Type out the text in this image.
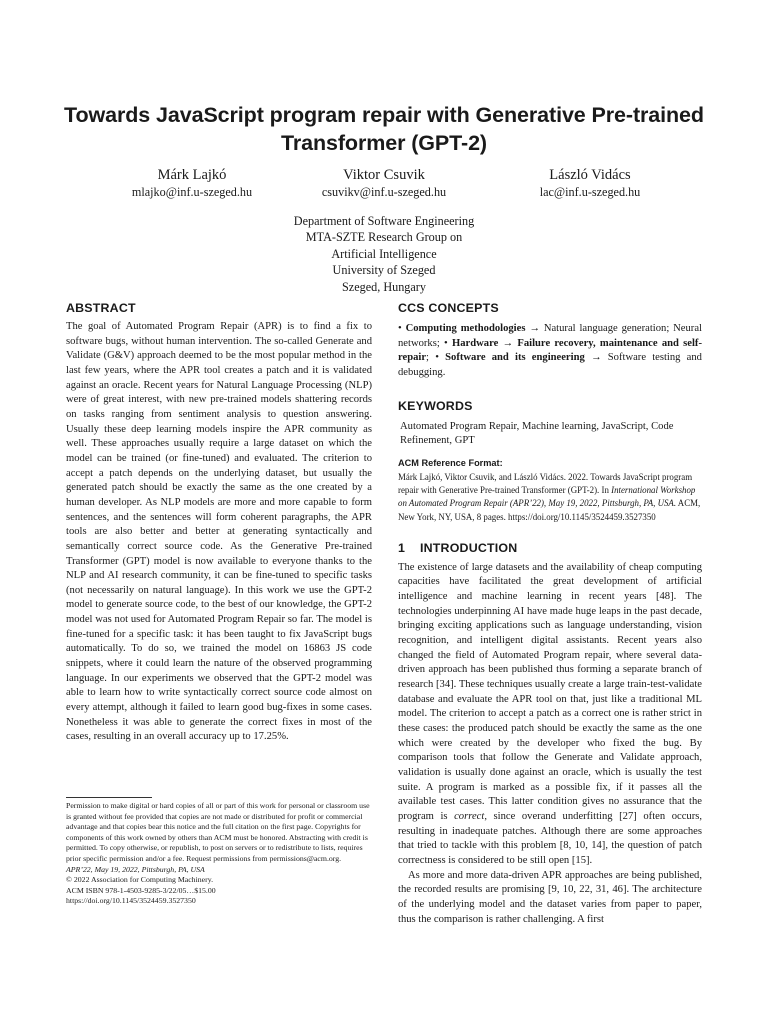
Towards JavaScript program repair with Generative Pre-trained Transformer (GPT-2)
Márk Lajkó
mlajko@inf.u-szeged.hu
Viktor Csuvik
csuvikv@inf.u-szeged.hu
László Vidács
lac@inf.u-szeged.hu
Department of Software Engineering
MTA-SZTE Research Group on
Artificial Intelligence
University of Szeged
Szeged, Hungary
ABSTRACT

The goal of Automated Program Repair (APR) is to find a fix to software bugs, without human intervention. The so-called Generate and Validate (G&V) approach deemed to be the most popular method in the last few years, where the APR tool creates a patch and it is validated against an oracle. Recent years for Natural Language Processing (NLP) were of great interest, with new pre-trained models shattering records on tasks ranging from sentiment analysis to question answering. Usually these deep learning models inspire the APR community as well. These approaches usually require a large dataset on which the model can be trained (or fine-tuned) and evaluated. The criterion to accept a patch depends on the underlying dataset, but usually the generated patch should be exactly the same as the one created by a human developer. As NLP models are more and more capable to form sentences, and the sentences will form coherent paragraphs, the APR tools are also better and better at generating syntactically and semantically correct source code. As the Generative Pre-trained Transformer (GPT) model is now available to everyone thanks to the NLP and AI research community, it can be fine-tuned to specific tasks (not necessarily on natural language). In this work we use the GPT-2 model to generate source code, to the best of our knowledge, the GPT-2 model was not used for Automated Program Repair so far. The model is fine-tuned for a specific task: it has been taught to fix JavaScript bugs automatically. To do so, we trained the model on 16863 JS code snippets, where it could learn the nature of the observed programming language. In our experiments we observed that the GPT-2 model was able to learn how to write syntactically correct source code almost on every attempt, although it failed to learn good bug-fixes in some cases. Nonetheless it was able to generate the correct fixes in most of the cases, resulting in an overall accuracy up to 17.25%.

Permission to make digital or hard copies of all or part of this work for personal or classroom use is granted without fee provided that copies are not made or distributed for profit or commercial advantage and that copies bear this notice and the full citation on the first page. Copyrights for components of this work owned by others than ACM must be honored. Abstracting with credit is permitted. To copy otherwise, or republish, to post on servers or to redistribute to lists, requires prior specific permission and/or a fee. Request permissions from permissions@acm.org.

APR’22, May 19, 2022, Pittsburgh, PA, USA

© 2022 Association for Computing Machinery.

ACM ISBN 978-1-4503-9285-3/22/05…$15.00

https://doi.org/10.1145/3524459.3527350

CCS CONCEPTS

• Computing methodologies → Natural language generation; Neural networks; • Hardware → Failure recovery, maintenance and self-repair; • Software and its engineering → Software testing and debugging.

KEYWORDS

Automated Program Repair, Machine learning, JavaScript, Code Refinement, GPT

ACM Reference Format:

Márk Lajkó, Viktor Csuvik, and László Vidács. 2022. Towards JavaScript program repair with Generative Pre-trained Transformer (GPT-2). In International Workshop on Automated Program Repair (APR’22), May 19, 2022, Pittsburgh, PA, USA. ACM, New York, NY, USA, 8 pages. https://doi.org/10.1145/3524459.3527350

1 INTRODUCTION

The existence of large datasets and the availability of cheap computing capacities have facilitated the great development of artificial intelligence and machine learning in recent years [48]. The technologies underpinning AI have made huge leaps in the past decade, bringing exciting applications such as language understanding, vision recognition, and intelligent digital assistants. Recent years also changed the field of Automated Program repair, where several data-driven approach has been published thus forming a separate branch of research [34]. These techniques usually create a large train-test-validate database and evaluate the APR tool on that, just like a traditional ML model. The criterion to accept a patch as a correct one is rather strict in these cases: the produced patch should be exactly the same as the one which were created by the developer who fixed the bug. By comparison tools that follow the Generate and Validate approach, validation is usually done against an oracle, which is usually the test suite. A program is marked as a possible fix, if it passes all the available test cases. This latter condition gives no assurance that the program is correct, since overand underfitting [27] often occurs, resulting in inadequate patches. Although there are some approaches that tried to tackle with this problem [8, 10, 14], the question of patch correctness is considered to be still open [15].

As more and more data-driven APR approaches are being published, the recorded results are promising [9, 10, 22, 31, 46]. The architecture of the underlying model and the dataset varies from paper to paper, thus the comparison is rather challenging. A first
